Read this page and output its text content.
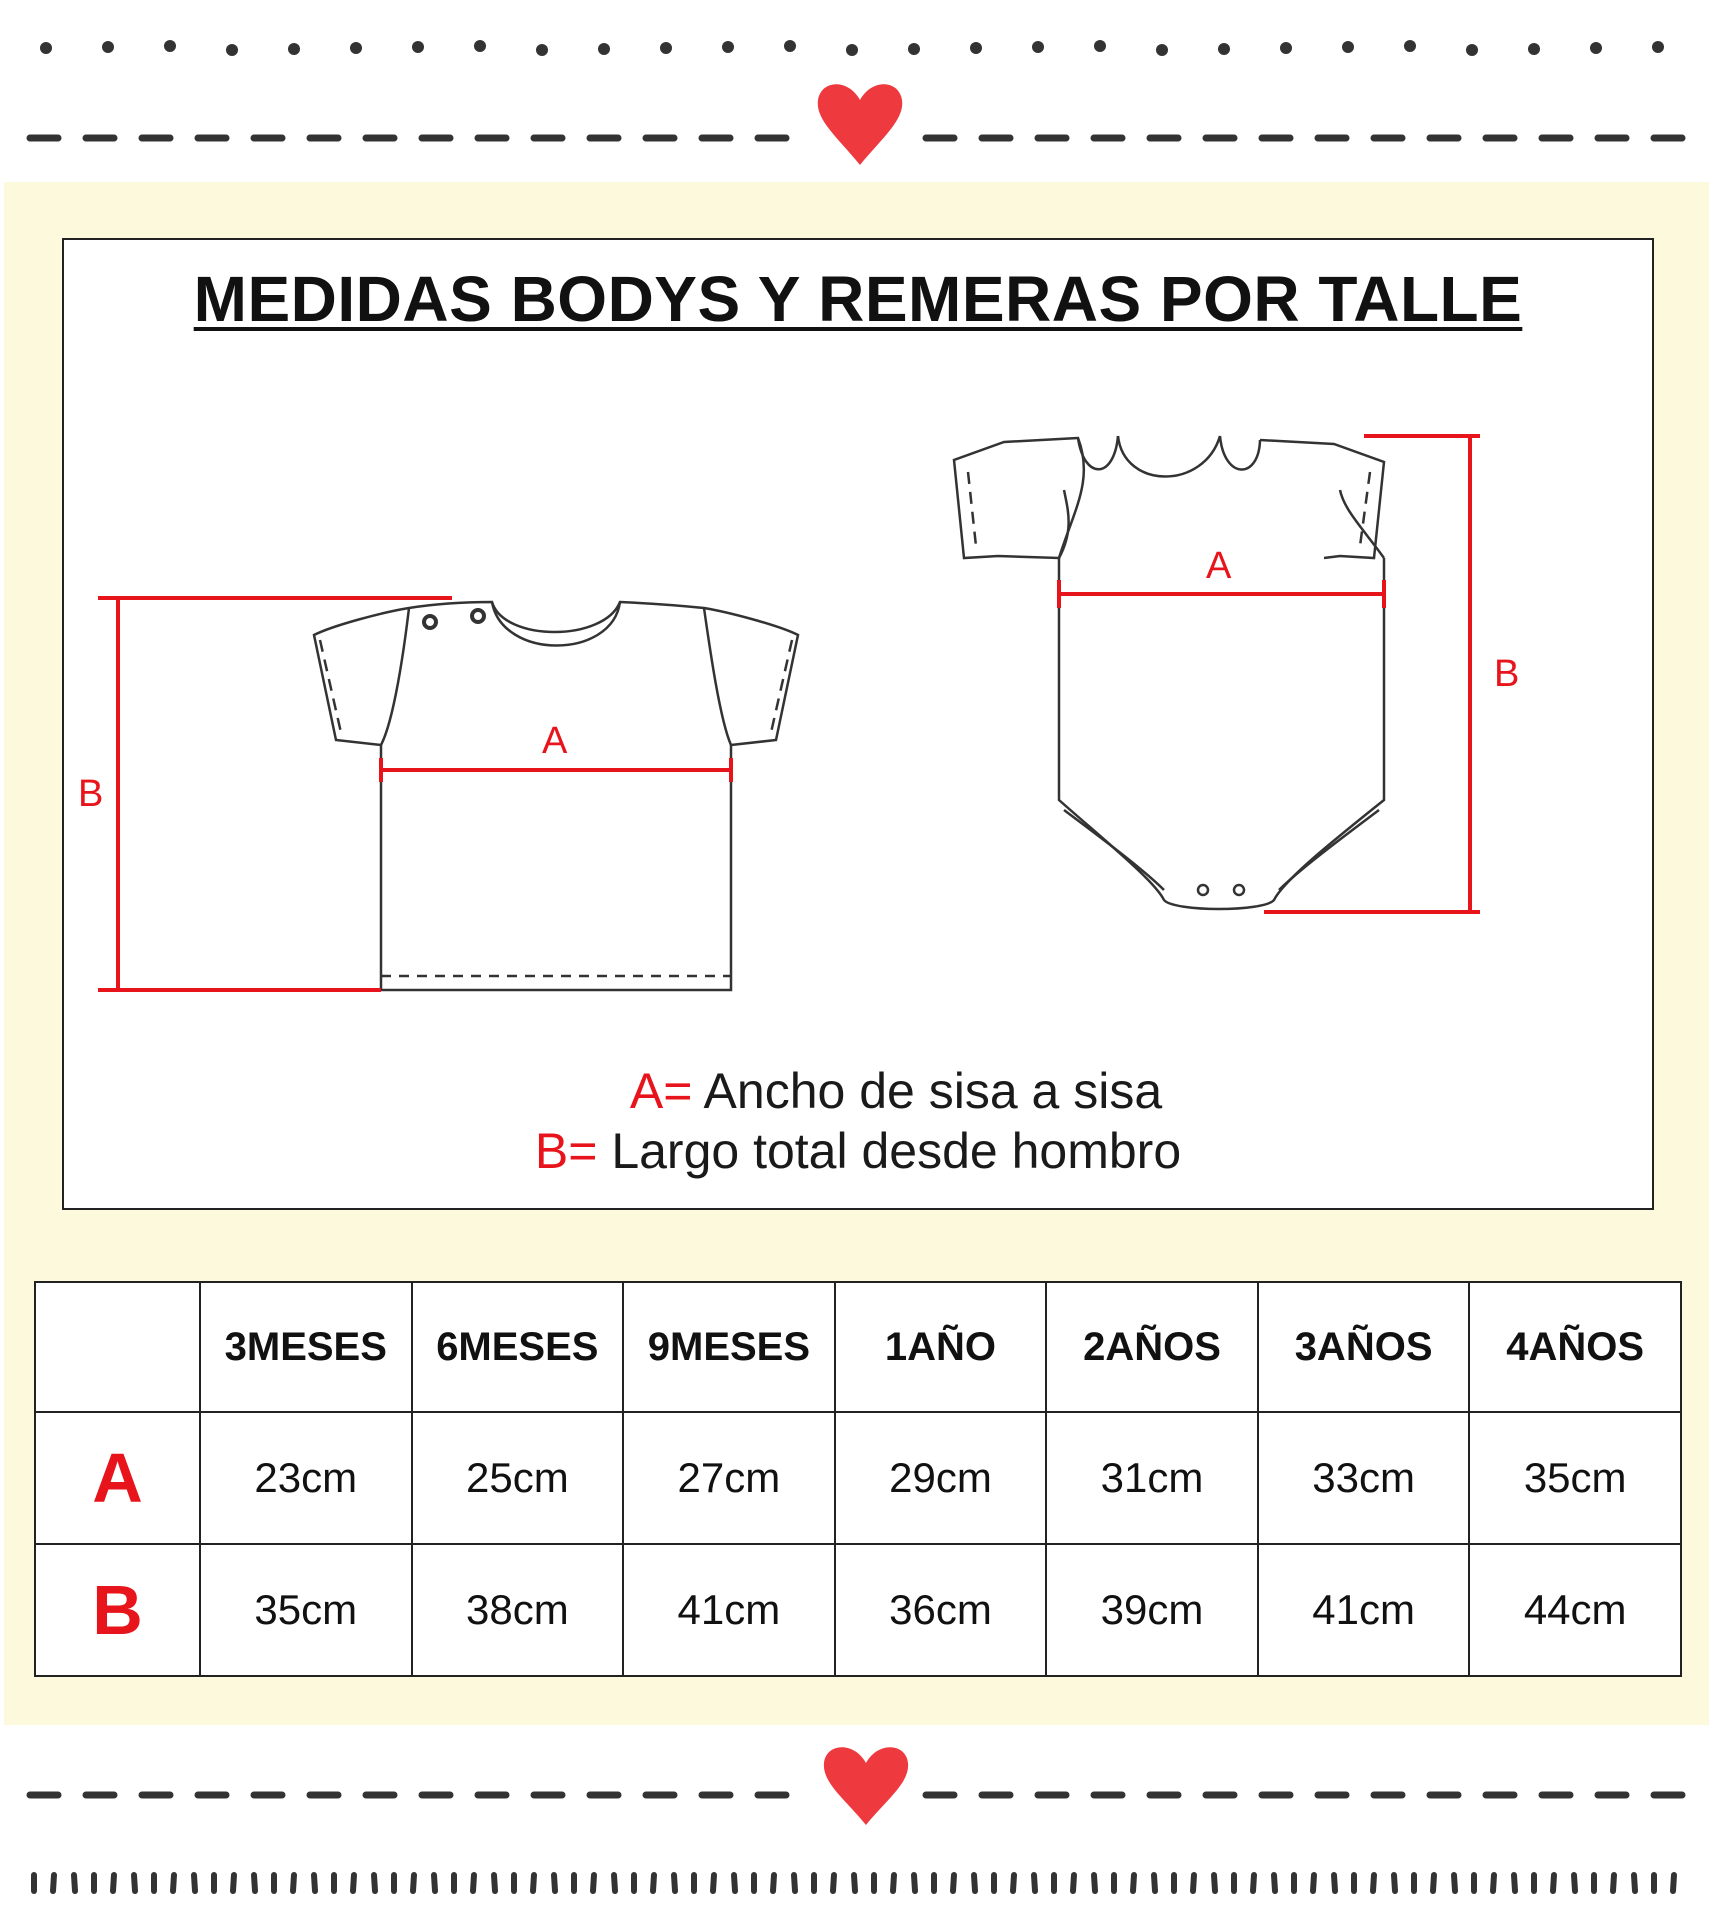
MEDIDAS BODYS Y REMERAS POR TALLE
B
A
A
B
A= Ancho de sisa a sisa
B= Largo total desde hombro
	3MESES	6MESES	9MESES	1AÑO	2AÑOS	3AÑOS	4AÑOS
A	23cm	25cm	27cm	29cm	31cm	33cm	35cm
B	35cm	38cm	41cm	36cm	39cm	41cm	44cm
